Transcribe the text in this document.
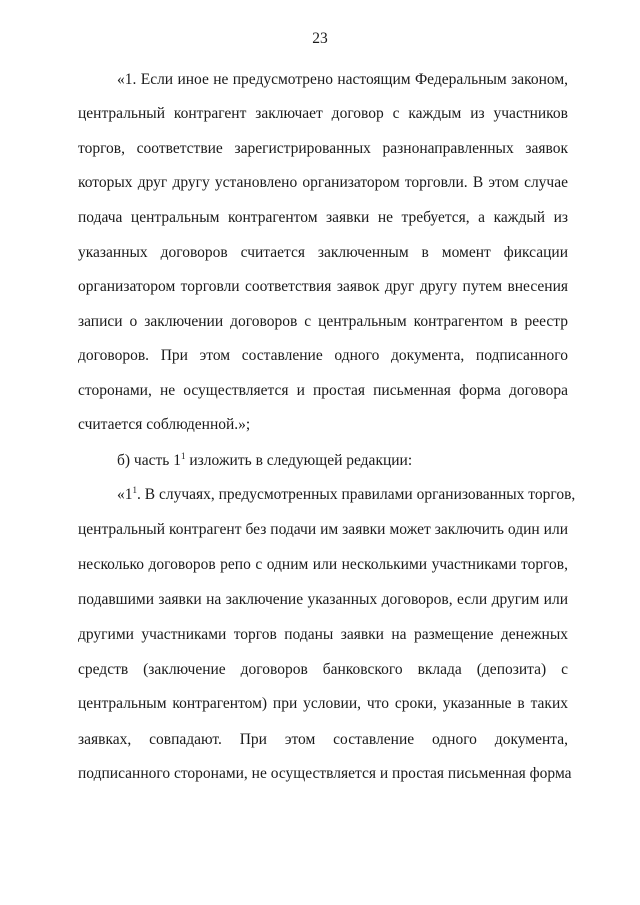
23
«1. Если иное не предусмотрено настоящим Федеральным законом,
центральный контрагент заключает договор с каждым из участников
торгов, соответствие зарегистрированных разнонаправленных заявок
которых друг другу установлено организатором торговли. В этом случае
подача центральным контрагентом заявки не требуется, а каждый из
указанных договоров считается заключенным в момент фиксации
организатором торговли соответствия заявок друг другу путем внесения
записи о заключении договоров с центральным контрагентом в реестр
договоров. При этом составление одного документа, подписанного
сторонами, не осуществляется и простая письменная форма договора
считается соблюденной.»;
б) часть $1^1$ изложить в следующей редакции:
«$1^1$. В случаях, предусмотренных правилами организованных торгов,
центральный контрагент без подачи им заявки может заключить один или
несколько договоров репо с одним или несколькими участниками торгов,
подавшими заявки на заключение указанных договоров, если другим или
другими участниками торгов поданы заявки на размещение денежных
средств (заключение договоров банковского вклада (депозита) с
центральным контрагентом) при условии, что сроки, указанные в таких
заявках, совпадают. При этом составление одного документа,
подписанного сторонами, не осуществляется и простая письменная форма
